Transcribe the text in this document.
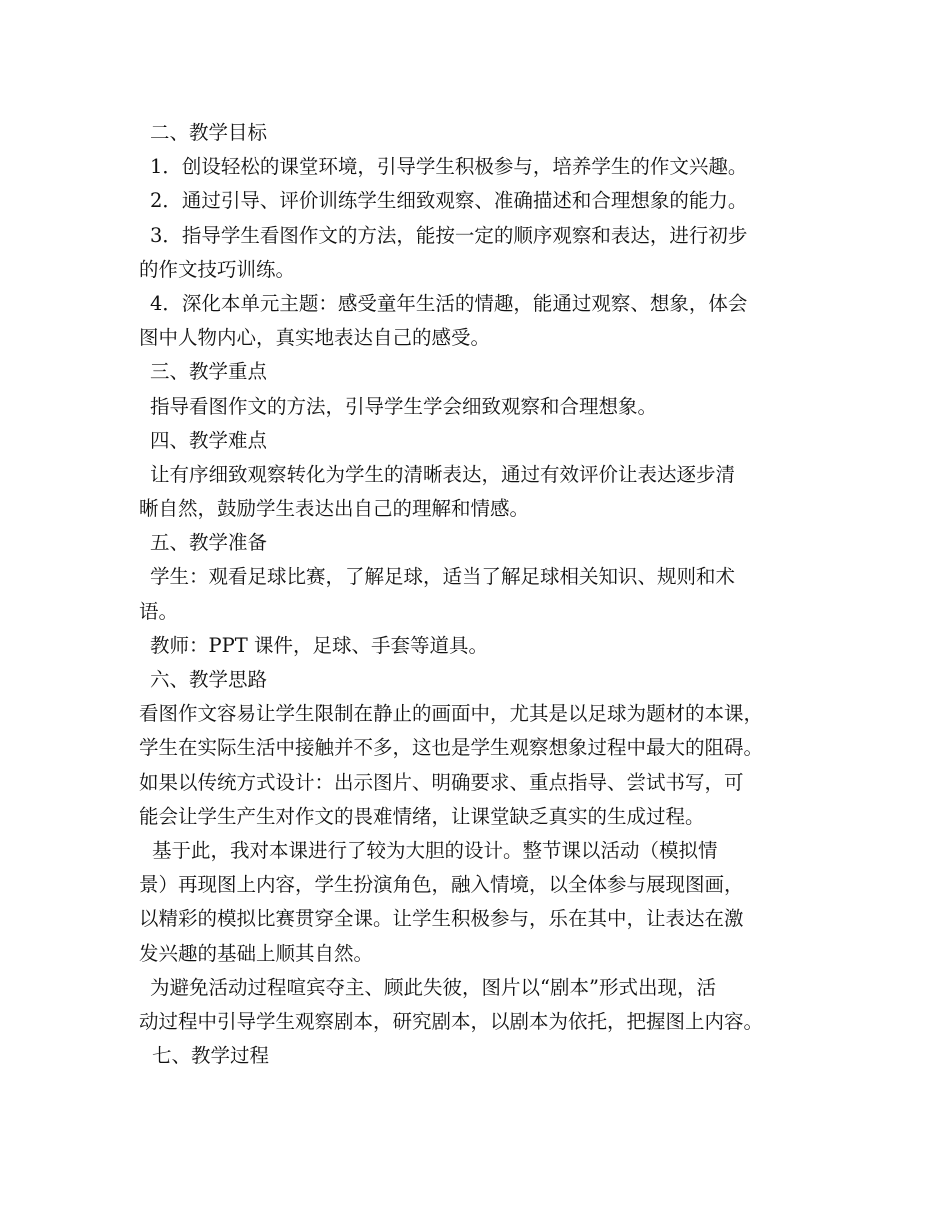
二、教学目标
1．创设轻松的课堂环境，引导学生积极参与，培养学生的作文兴趣。
2．通过引导、评价训练学生细致观察、准确描述和合理想象的能力。
3．指导学生看图作文的方法，能按一定的顺序观察和表达，进行初步
的作文技巧训练。
4．深化本单元主题：感受童年生活的情趣，能通过观察、想象，体会
图中人物内心，真实地表达自己的感受。
三、教学重点
指导看图作文的方法，引导学生学会细致观察和合理想象。
四、教学难点
让有序细致观察转化为学生的清晰表达，通过有效评价让表达逐步清
晰自然，鼓励学生表达出自己的理解和情感。
五、教学准备
学生：观看足球比赛，了解足球，适当了解足球相关知识、规则和术
语。
教师：PPT 课件，足球、手套等道具。
六、教学思路
看图作文容易让学生限制在静止的画面中，尤其是以足球为题材的本课，
学生在实际生活中接触并不多，这也是学生观察想象过程中最大的阻碍。
如果以传统方式设计：出示图片、明确要求、重点指导、尝试书写，可
能会让学生产生对作文的畏难情绪，让课堂缺乏真实的生成过程。
基于此，我对本课进行了较为大胆的设计。整节课以活动（模拟情
景）再现图上内容，学生扮演角色，融入情境，以全体参与展现图画，
以精彩的模拟比赛贯穿全课。让学生积极参与，乐在其中，让表达在激
发兴趣的基础上顺其自然。
为避免活动过程喧宾夺主、顾此失彼，图片以“剧本”形式出现，活
动过程中引导学生观察剧本，研究剧本，以剧本为依托，把握图上内容。
七、教学过程
